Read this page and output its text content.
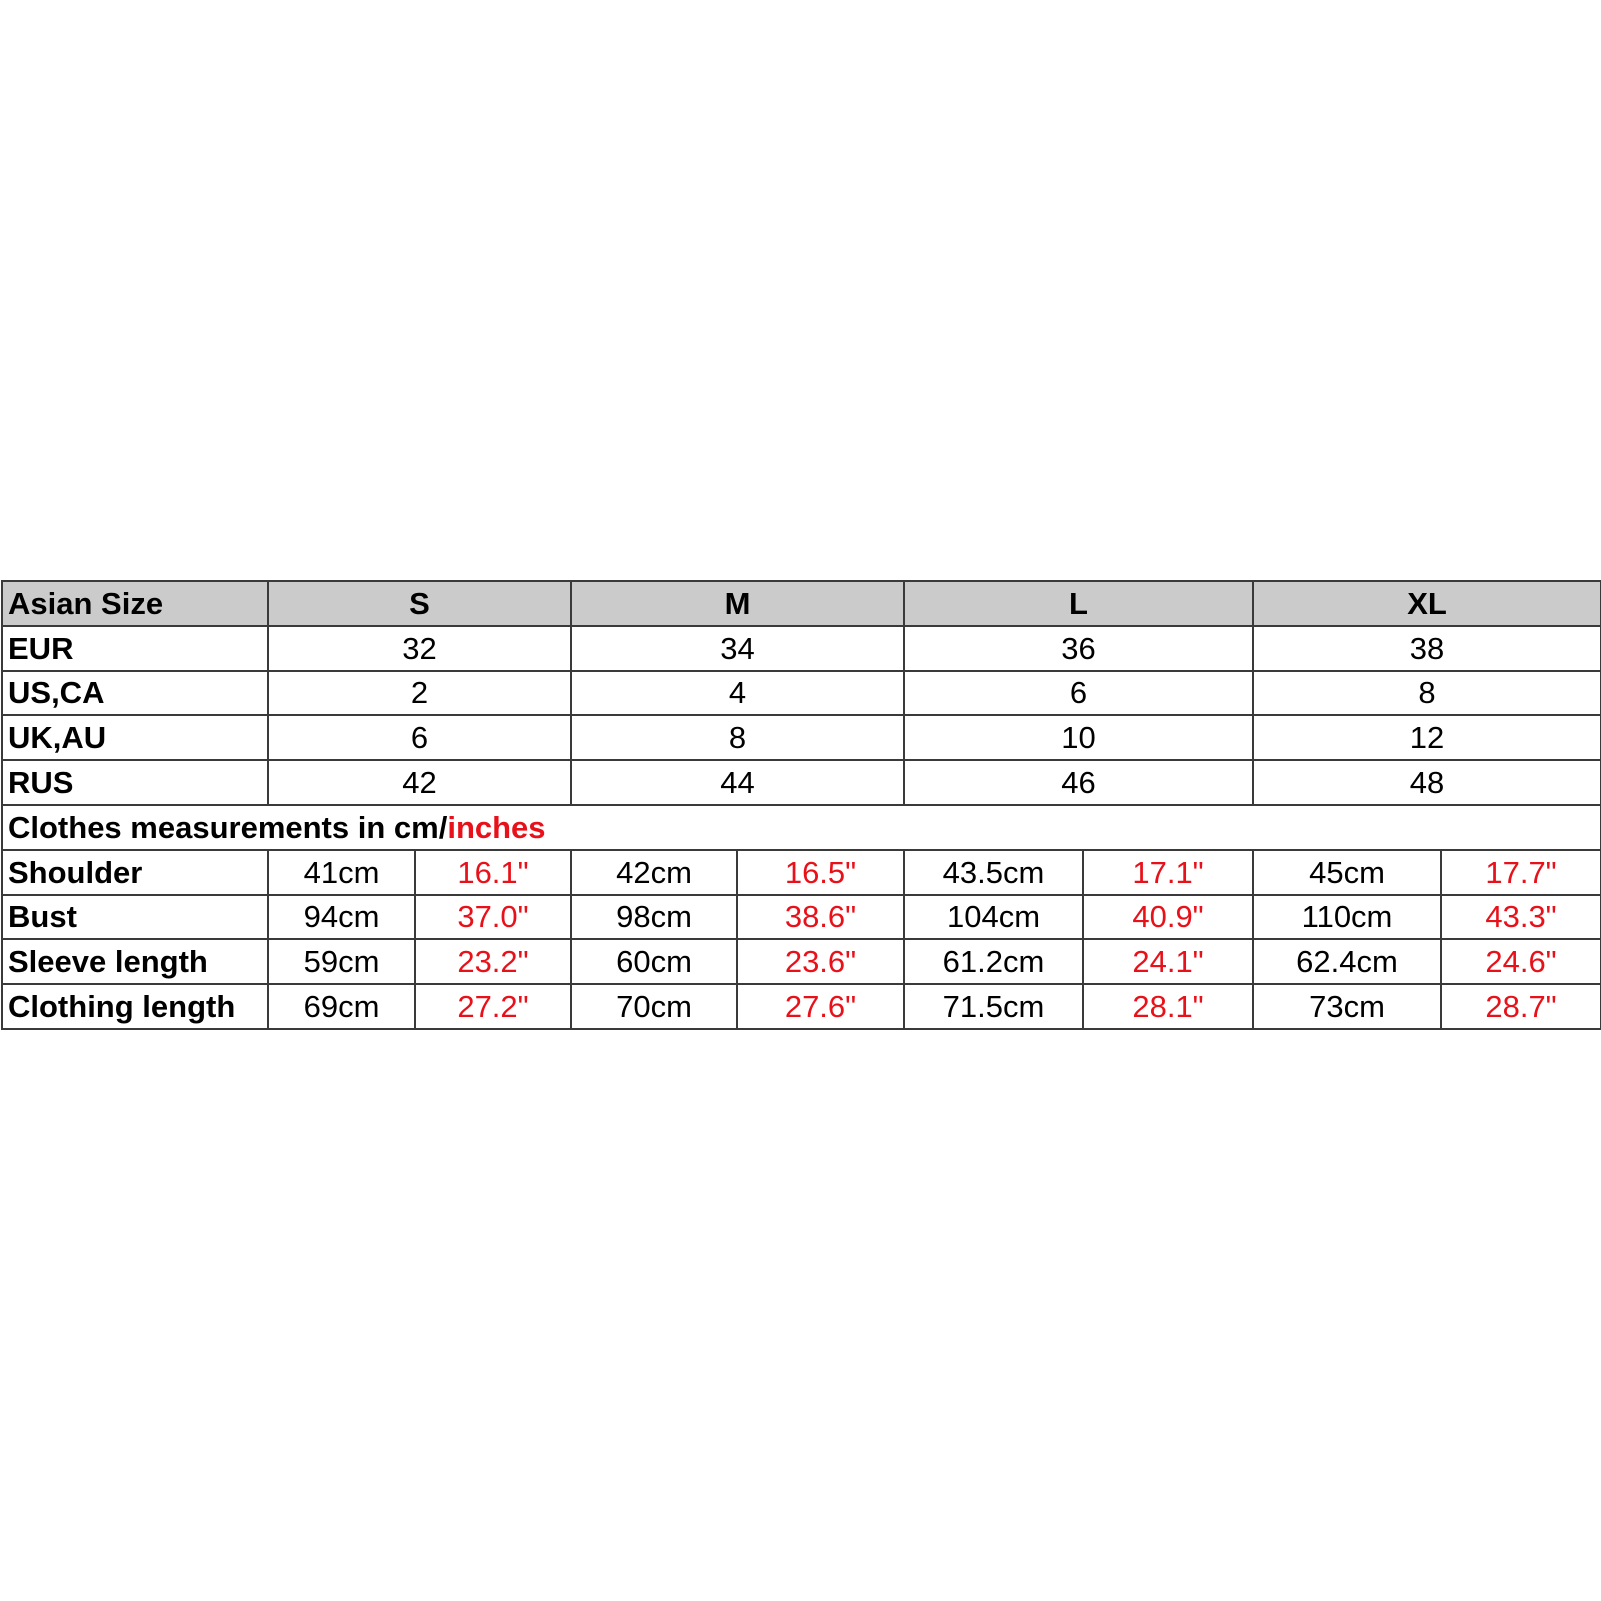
Asian Size	S		M		L		XL	
EUR	32		34		36		38	
US,CA	2		4		6		8	
UK,AU	6		8		10		12	
RUS	42		44		46		48	
Clothes measurements in cm/inches								
Shoulder	41cm	16.1"	42cm	16.5"	43.5cm	17.1"	45cm	17.7"
Bust	94cm	37.0"	98cm	38.6"	104cm	40.9"	110cm	43.3"
Sleeve length	59cm	23.2"	60cm	23.6"	61.2cm	24.1"	62.4cm	24.6"
Clothing length	69cm	27.2"	70cm	27.6"	71.5cm	28.1"	73cm	28.7"
